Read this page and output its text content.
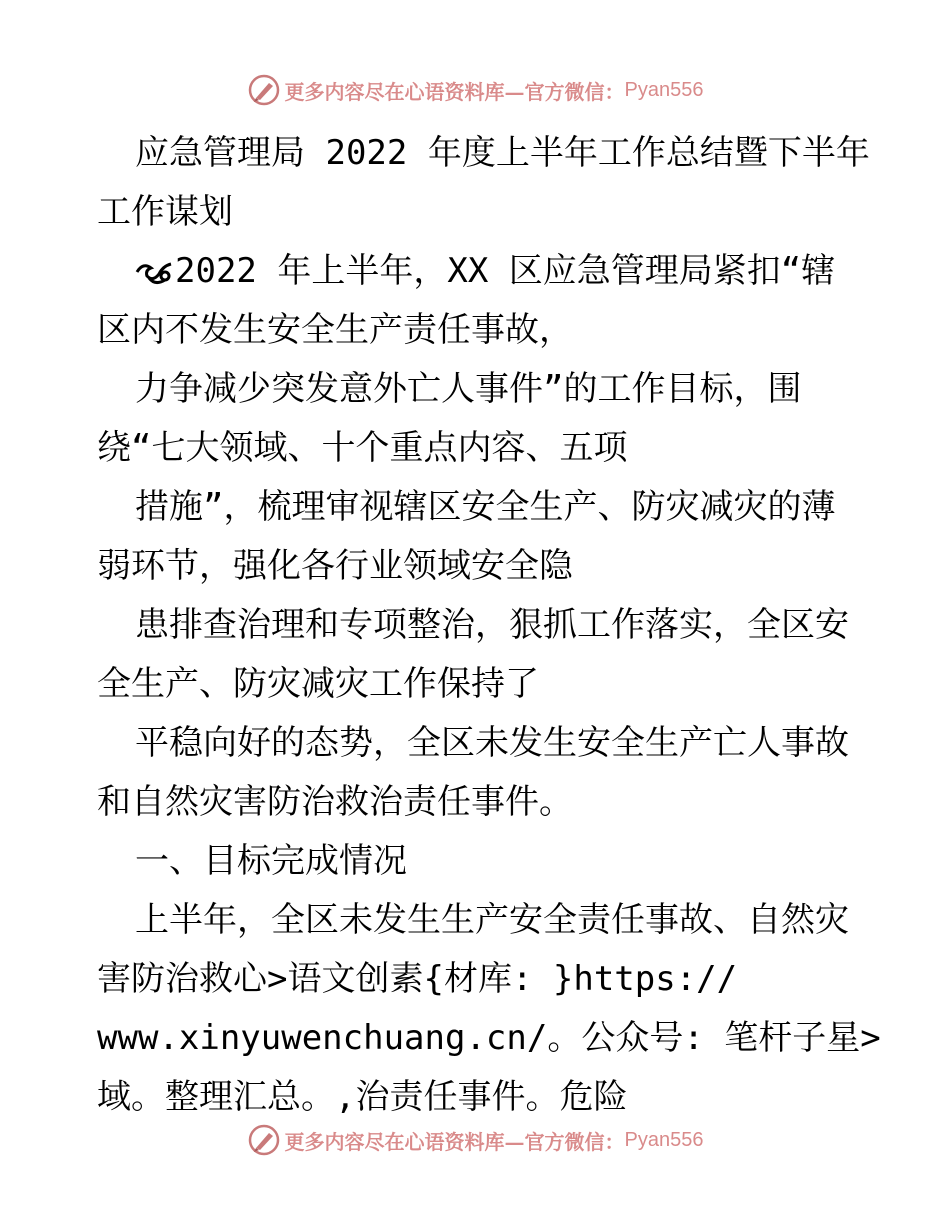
更多内容尽在心语资料库—官方微信： Pyan556
应急管理局 2022 年度上半年工作总结暨下半年
工作谋划
2022 年上半年，XX 区应急管理局紧扣“辖
区内不发生安全生产责任事故，
力争减少突发意外亡人事件”的工作目标，围
绕“七大领域、十个重点内容、五项
措施”，梳理审视辖区安全生产、防灾减灾的薄
弱环节，强化各行业领域安全隐
患排查治理和专项整治，狠抓工作落实，全区安
全生产、防灾减灾工作保持了
平稳向好的态势，全区未发生安全生产亡人事故
和自然灾害防治救治责任事件。
一、目标完成情况
上半年，全区未发生生产安全责任事故、自然灾
害防治救心>语文创素{材库: }https://
www.xinyuwenchuang.cn/。公众号: 笔杆子星>
域。整理汇总。,治责任事件。危险
更多内容尽在心语资料库—官方微信： Pyan556
